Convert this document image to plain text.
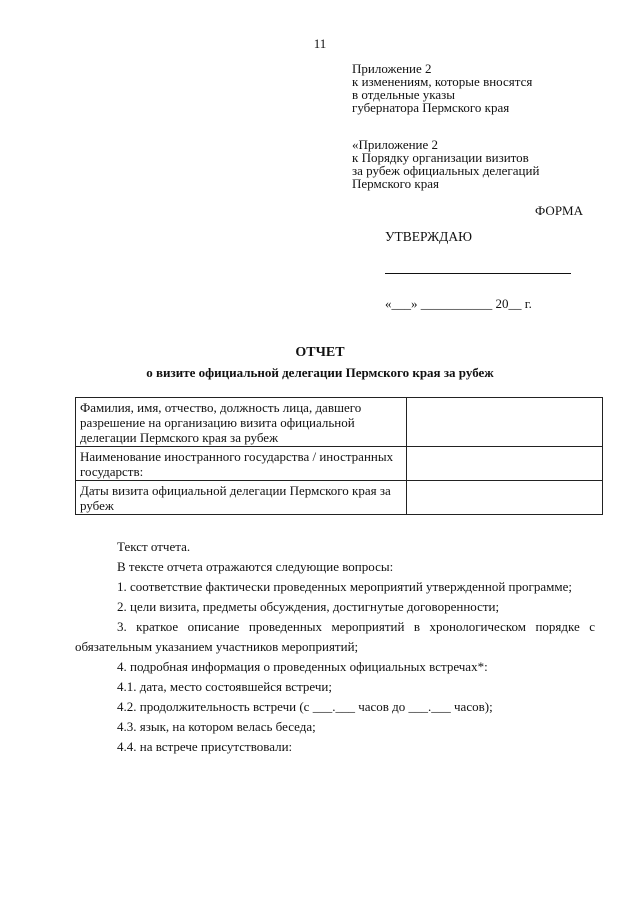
11
Приложение 2
к изменениям, которые вносятся
в отдельные указы
губернатора Пермского края
«Приложение 2
к Порядку организации визитов
за рубеж официальных делегаций
Пермского края
ФОРМА
УТВЕРЖДАЮ
«___» ___________ 20__ г.
ОТЧЕТ
о визите официальной делегации Пермского края за рубеж
Фамилия, имя, отчество, должность лица, давшего разрешение на организацию визита официальной делегации Пермского края за рубеж	
Наименование иностранного государства / иностранных государств:	
Даты визита официальной делегации Пермского края за рубеж	

Текст отчета.

В тексте отчета отражаются следующие вопросы:

1. соответствие фактически проведенных мероприятий утвержденной программе;

2. цели визита, предметы обсуждения, достигнутые договоренности;

3. краткое описание проведенных мероприятий в хронологическом порядке с обязательным указанием участников мероприятий;

4. подробная информация о проведенных официальных встречах*:

4.1. дата, место состоявшейся встречи;

4.2. продолжительность встречи (с ___.___ часов до ___.___ часов);

4.3. язык, на котором велась беседа;

4.4. на встрече присутствовали:
